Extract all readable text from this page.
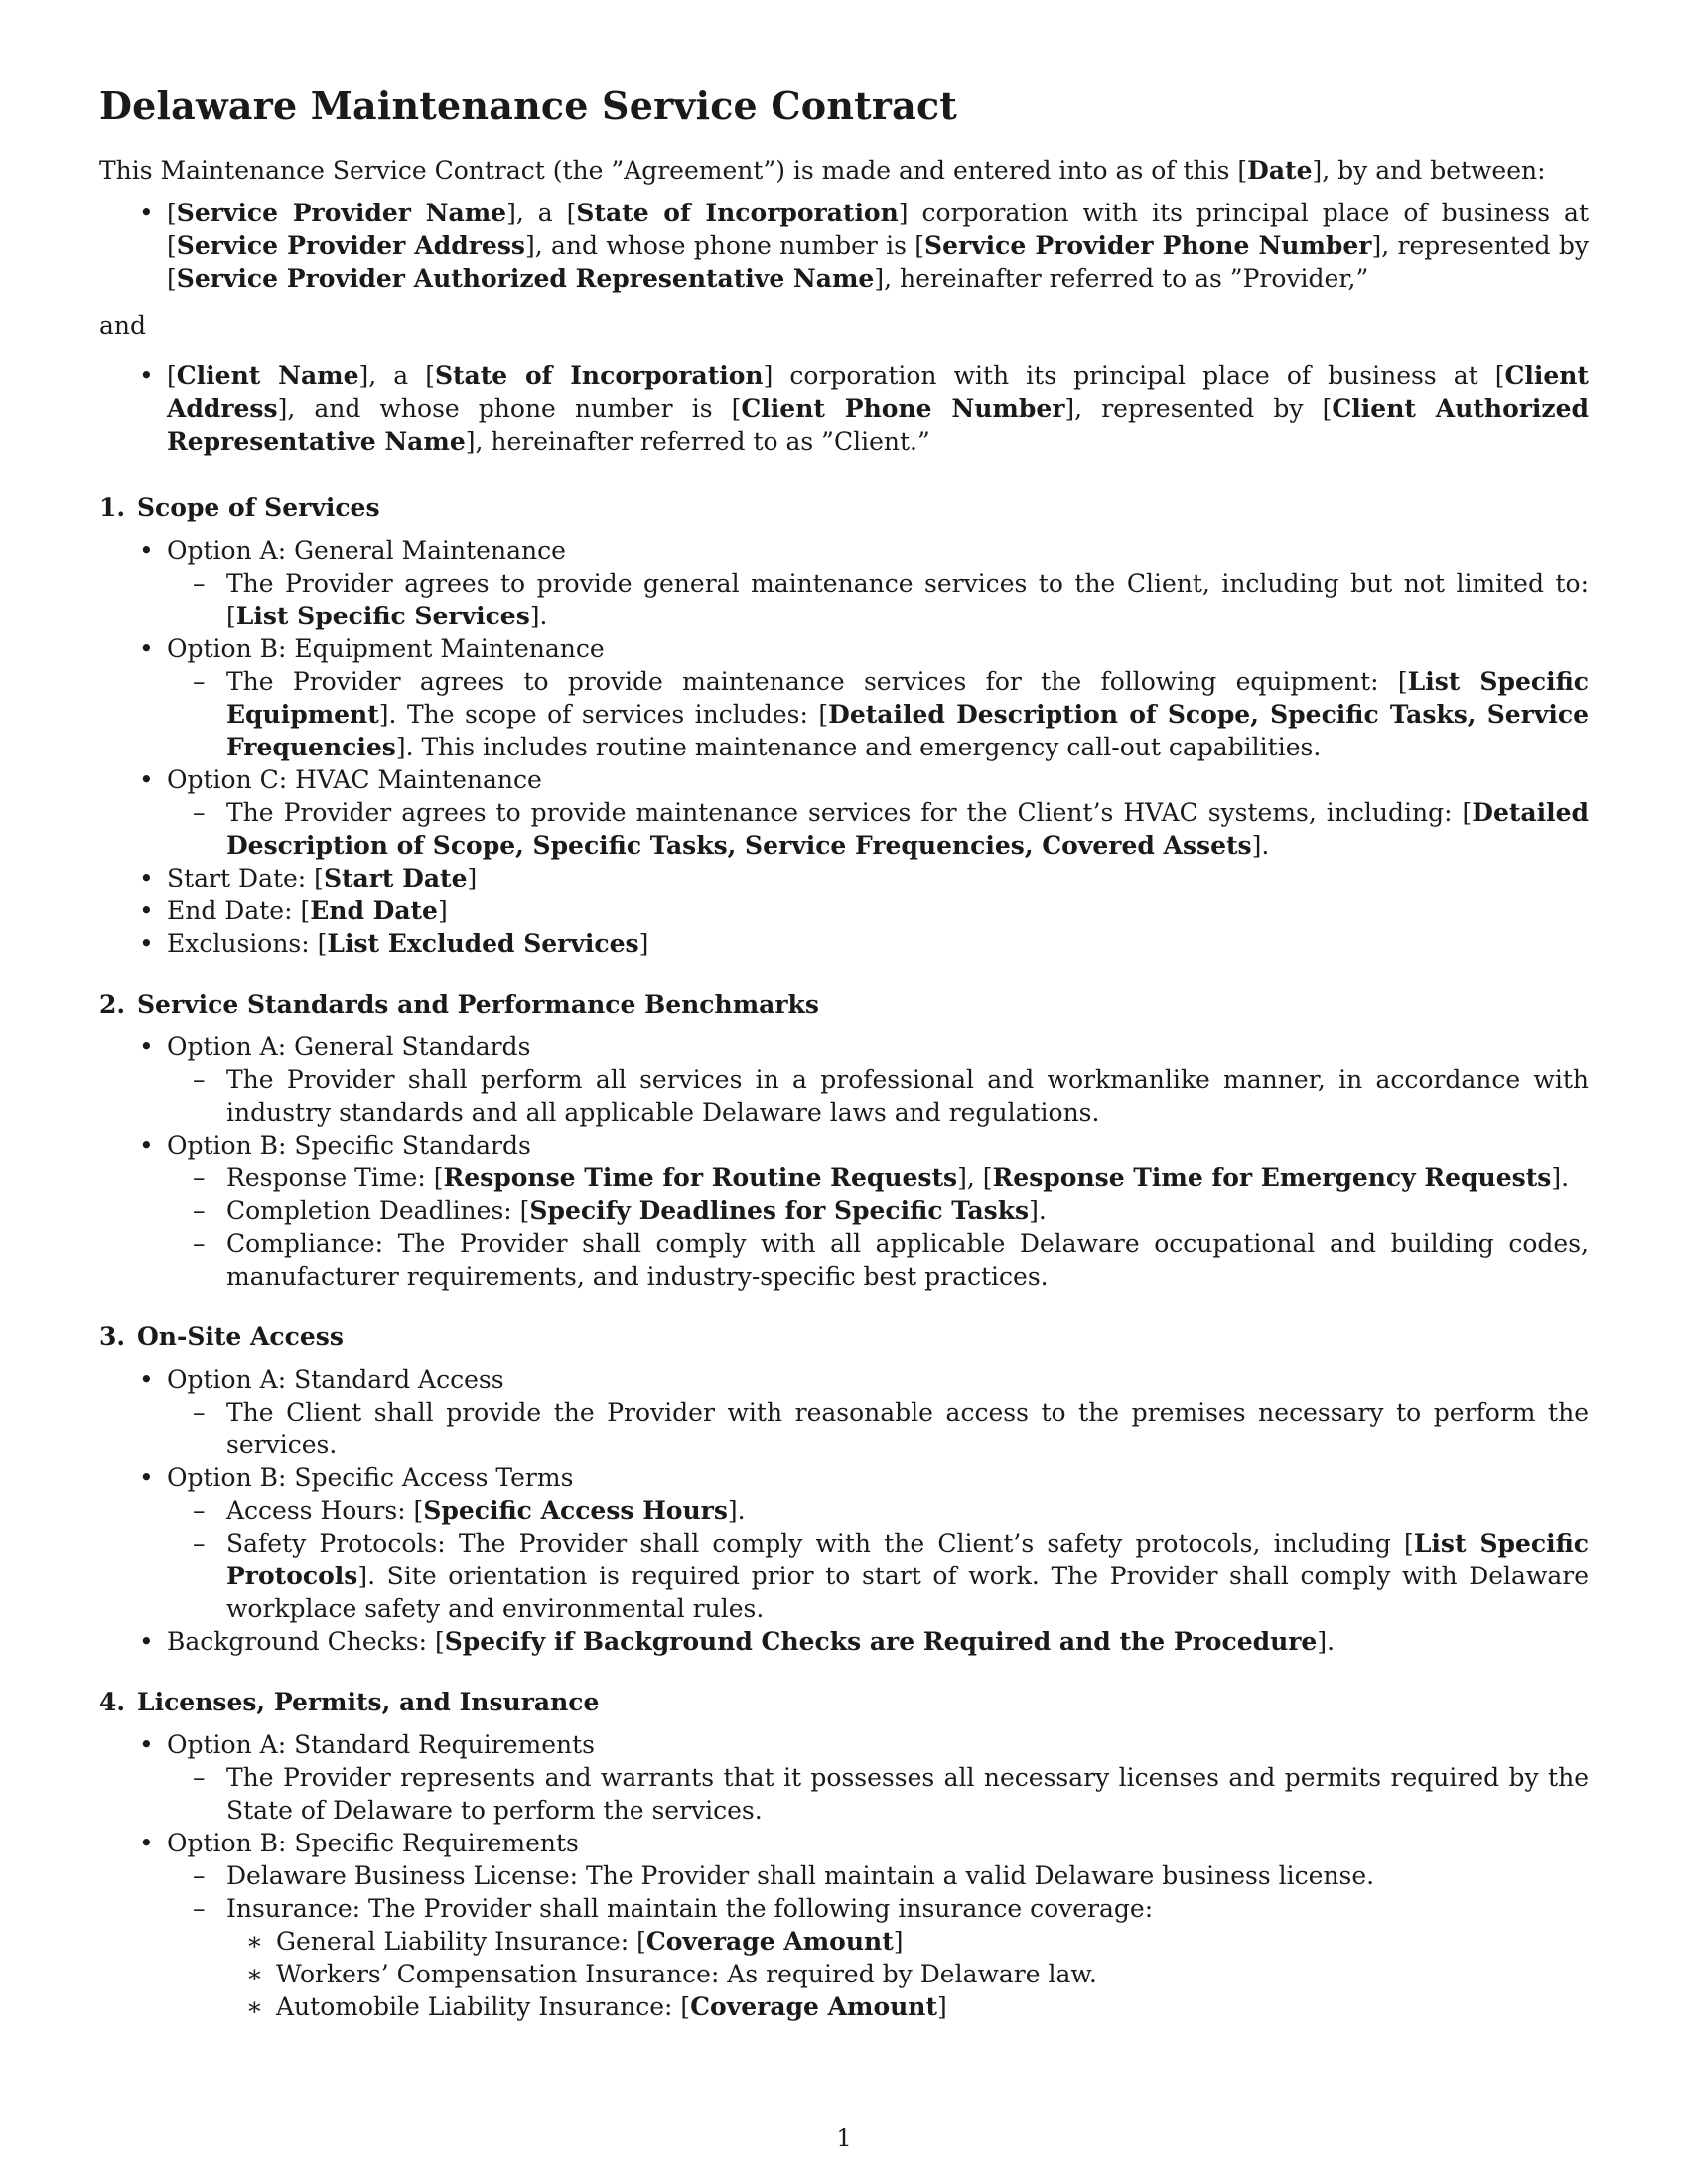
Delaware Maintenance Service Contract

This Maintenance Service Contract (the ”Agreement”) is made and entered into as of this [Date], by and between:

• [Service Provider Name], a [State of Incorporation] corporation with its principal place of business at [Service Provider Address], and whose phone number is [Service Provider Phone Number], represented by [Service Provider Authorized Representative Name], hereinafter referred to as ”Provider,”

and

• [Client Name], a [State of Incorporation] corporation with its principal place of business at [Client Address], and whose phone number is [Client Phone Number], represented by [Client Authorized Representative Name], hereinafter referred to as ”Client.”
1. Scope of Services
• Option A: General Maintenance
– The Provider agrees to provide general maintenance services to the Client, including but not limited to: [List Specific Services].
• Option B: Equipment Maintenance
– The Provider agrees to provide maintenance services for the following equipment: [List Specific Equipment]. The scope of services includes: [Detailed Description of Scope, Specific Tasks, Service Frequencies]. This includes routine maintenance and emergency call-out capabilities.
• Option C: HVAC Maintenance
– The Provider agrees to provide maintenance services for the Client’s HVAC systems, including: [Detailed Description of Scope, Specific Tasks, Service Frequencies, Covered Assets].
• Start Date: [Start Date]
• End Date: [End Date]
• Exclusions: [List Excluded Services]
2. Service Standards and Performance Benchmarks
• Option A: General Standards
– The Provider shall perform all services in a professional and workmanlike manner, in accordance with industry standards and all applicable Delaware laws and regulations.
• Option B: Specific Standards
– Response Time: [Response Time for Routine Requests], [Response Time for Emergency Requests].
– Completion Deadlines: [Specify Deadlines for Specific Tasks].
– Compliance: The Provider shall comply with all applicable Delaware occupational and building codes, manufacturer requirements, and industry-specific best practices.
3. On-Site Access
• Option A: Standard Access
– The Client shall provide the Provider with reasonable access to the premises necessary to perform the services.
• Option B: Specific Access Terms
– Access Hours: [Specific Access Hours].
– Safety Protocols: The Provider shall comply with the Client’s safety protocols, including [List Specific Protocols]. Site orientation is required prior to start of work. The Provider shall comply with Delaware workplace safety and environmental rules.
• Background Checks: [Specify if Background Checks are Required and the Procedure].
4. Licenses, Permits, and Insurance
• Option A: Standard Requirements
– The Provider represents and warrants that it possesses all necessary licenses and permits required by the State of Delaware to perform the services.
• Option B: Specific Requirements
– Delaware Business License: The Provider shall maintain a valid Delaware business license.
– Insurance: The Provider shall maintain the following insurance coverage:
∗ General Liability Insurance: [Coverage Amount]
∗ Workers’ Compensation Insurance: As required by Delaware law.
∗ Automobile Liability Insurance: [Coverage Amount]
1
